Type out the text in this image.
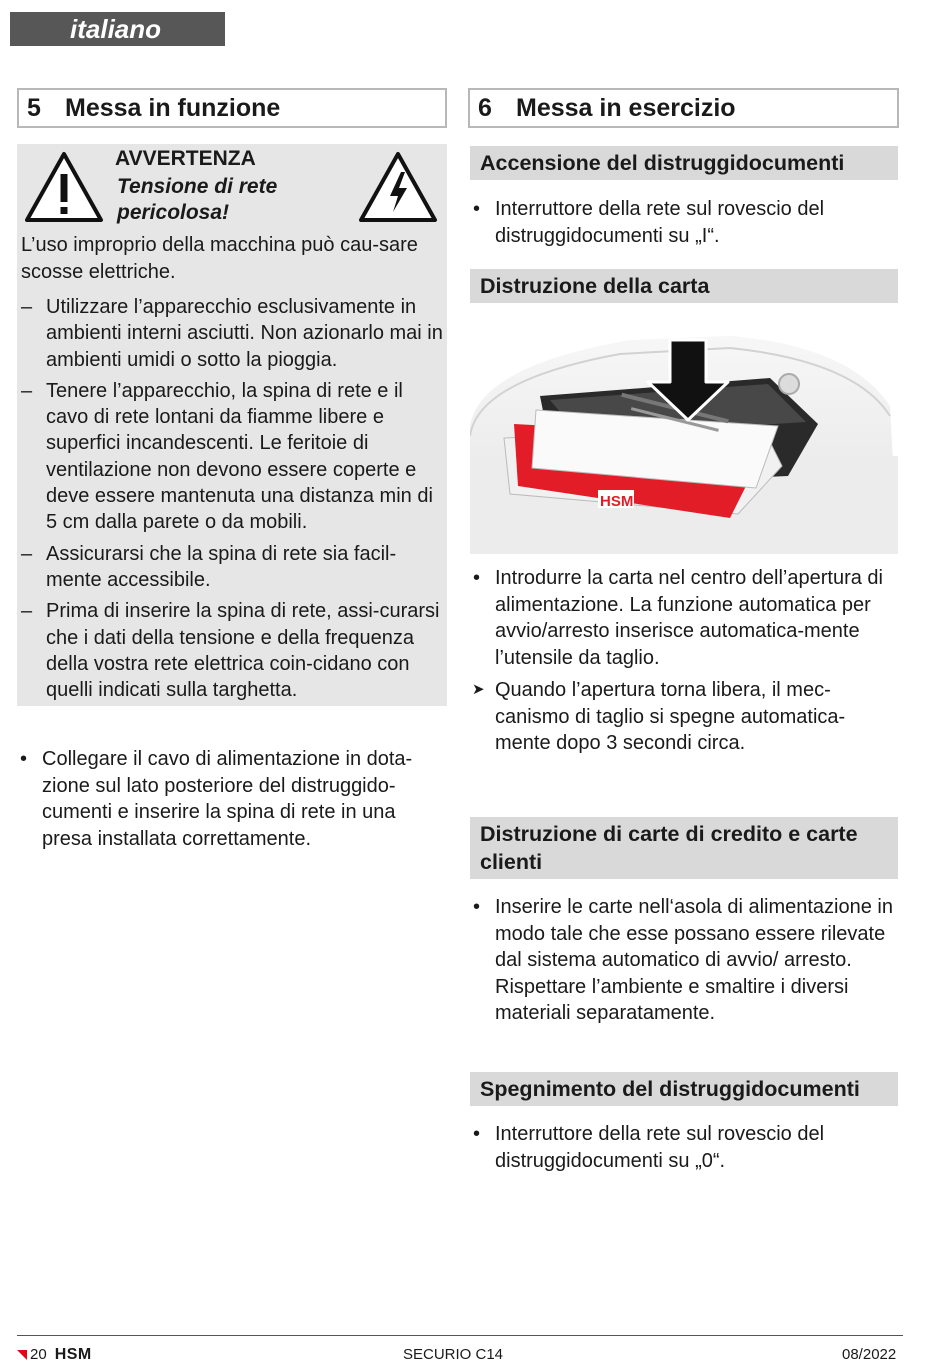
italiano
5 Messa in funzione
AVVERTENZA
Tensione di rete pericolosa!
L’uso improprio della macchina può cau-sare scosse elettriche.
– Utilizzare l’apparecchio esclusivamente in ambienti interni asciutti. Non azionarlo mai in ambienti umidi o sotto la pioggia.
– Tenere l’apparecchio, la spina di rete e il cavo di rete lontani da fiamme libere e superfici incandescenti. Le feritoie di ventilazione non devono essere coperte e deve essere mantenuta una distanza min di 5 cm dalla parete o da mobili.
– Assicurarsi che la spina di rete sia facil-mente accessibile.
– Prima di inserire la spina di rete, assi-curarsi che i dati della tensione e della frequenza della vostra rete elettrica coin-cidano con quelli indicati sulla targhetta.
• Collegare il cavo di alimentazione in dota-zione sul lato posteriore del distruggido-cumenti e inserire la spina di rete in una presa installata correttamente.
6 Messa in esercizio
Accensione del distruggidocumenti
• Interruttore della rete sul rovescio del distruggidocumenti su „I“.
Distruzione della carta
HSM
• Introdurre la carta nel centro dell’apertura di alimentazione. La funzione automatica per avvio/arresto inserisce automatica-mente l’utensile da taglio.
➤ Quando l’apertura torna libera, il mec-canismo di taglio si spegne automatica-mente dopo 3 secondi circa.
Distruzione di carte di credito e carte clienti
• Inserire le carte nell‘asola di alimentazione in modo tale che esse possano essere rilevate dal sistema automatico di avvio/ arresto.
Rispettare l’ambiente e smaltire i diversi materiali separatamente.
Spegnimento del distruggidocumenti
• Interruttore della rete sul rovescio del distruggidocumenti su „0“.
20 HSM	SECURIO C14	08/2022
